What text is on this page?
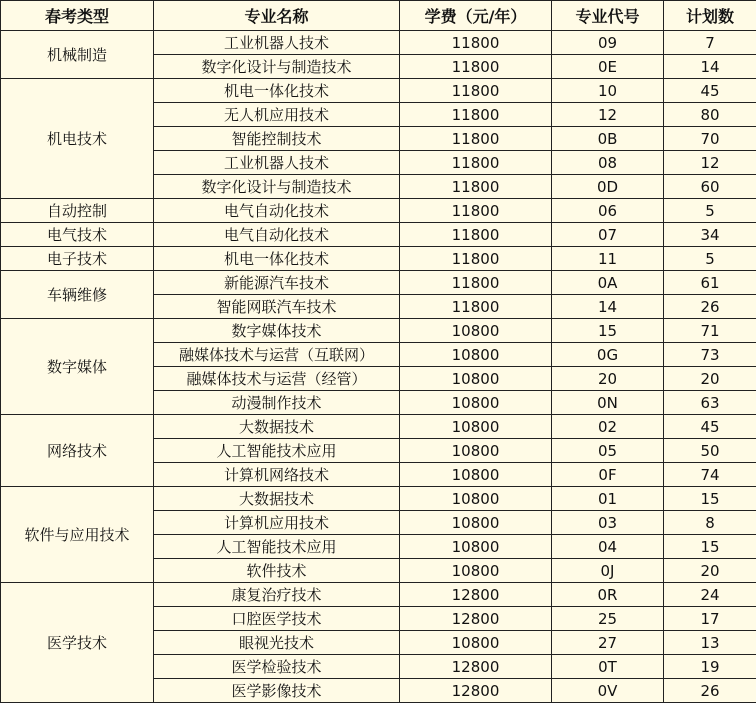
春考类型	专业名称	学费（元/年）	专业代号	计划数
机械制造	工业机器人技术	11800	09	7
	数字化设计与制造技术	11800	0E	14
机电技术	机电一体化技术	11800	10	45
	无人机应用技术	11800	12	80
	智能控制技术	11800	0B	70
	工业机器人技术	11800	08	12
	数字化设计与制造技术	11800	0D	60
自动控制	电气自动化技术	11800	06	5
电气技术	电气自动化技术	11800	07	34
电子技术	机电一体化技术	11800	11	5
车辆维修	新能源汽车技术	11800	0A	61
	智能网联汽车技术	11800	14	26
数字媒体	数字媒体技术	10800	15	71
	融媒体技术与运营（互联网）	10800	0G	73
	融媒体技术与运营（经管）	10800	20	20
	动漫制作技术	10800	0N	63
网络技术	大数据技术	10800	02	45
	人工智能技术应用	10800	05	50
	计算机网络技术	10800	0F	74
软件与应用技术	大数据技术	10800	01	15
	计算机应用技术	10800	03	8
	人工智能技术应用	10800	04	15
	软件技术	10800	0J	20
医学技术	康复治疗技术	12800	0R	24
	口腔医学技术	12800	25	17
	眼视光技术	10800	27	13
	医学检验技术	12800	0T	19
	医学影像技术	12800	0V	26
